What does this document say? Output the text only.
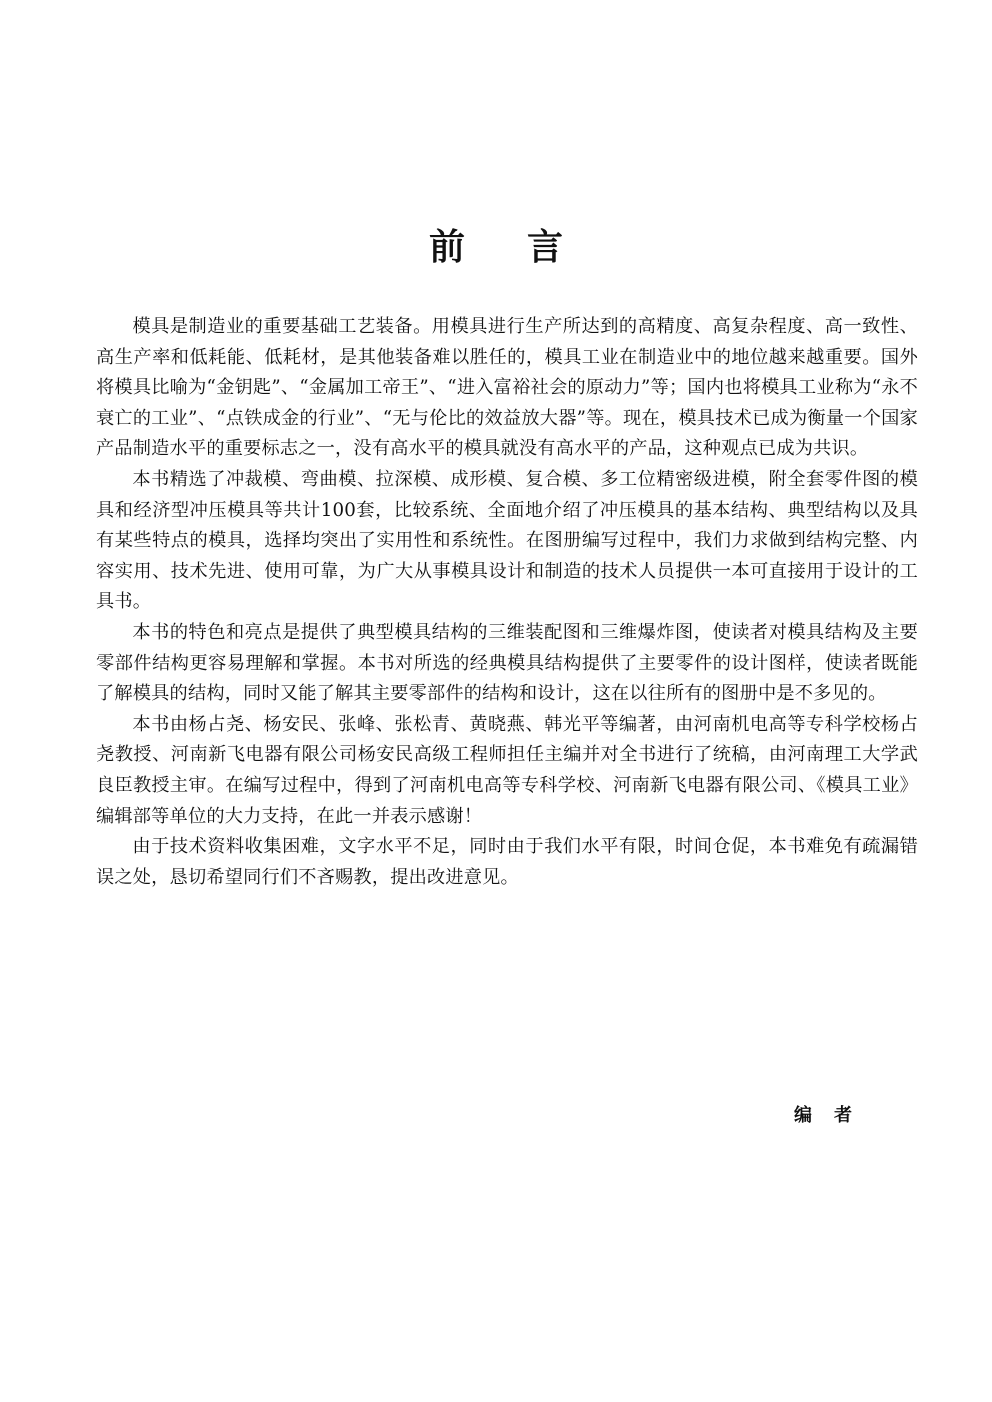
前言

模具是制造业的重要基础工艺装备。用模具进行生产所达到的高精度、高复杂程度、高一致性、高生产率和低耗能、低耗材，是其他装备难以胜任的，模具工业在制造业中的地位越来越重要。国外将模具比喻为“金钥匙”、“金属加工帝王”、“进入富裕社会的原动力”等；国内也将模具工业称为“永不衰亡的工业”、“点铁成金的行业”、“无与伦比的效益放大器”等。现在，模具技术已成为衡量一个国家产品制造水平的重要标志之一，没有高水平的模具就没有高水平的产品，这种观点已成为共识。

本书精选了冲裁模、弯曲模、拉深模、成形模、复合模、多工位精密级进模，附全套零件图的模具和经济型冲压模具等共计100套，比较系统、全面地介绍了冲压模具的基本结构、典型结构以及具有某些特点的模具，选择均突出了实用性和系统性。在图册编写过程中，我们力求做到结构完整、内容实用、技术先进、使用可靠，为广大从事模具设计和制造的技术人员提供一本可直接用于设计的工具书。

本书的特色和亮点是提供了典型模具结构的三维装配图和三维爆炸图，使读者对模具结构及主要零部件结构更容易理解和掌握。本书对所选的经典模具结构提供了主要零件的设计图样，使读者既能了解模具的结构，同时又能了解其主要零部件的结构和设计，这在以往所有的图册中是不多见的。

本书由杨占尧、杨安民、张峰、张松青、黄晓燕、韩光平等编著，由河南机电高等专科学校杨占尧教授、河南新飞电器有限公司杨安民高级工程师担任主编并对全书进行了统稿，由河南理工大学武良臣教授主审。在编写过程中，得到了河南机电高等专科学校、河南新飞电器有限公司、《模具工业》编辑部等单位的大力支持，在此一并表示感谢！

由于技术资料收集困难，文字水平不足，同时由于我们水平有限，时间仓促，本书难免有疏漏错误之处，恳切希望同行们不吝赐教，提出改进意见。

编者
